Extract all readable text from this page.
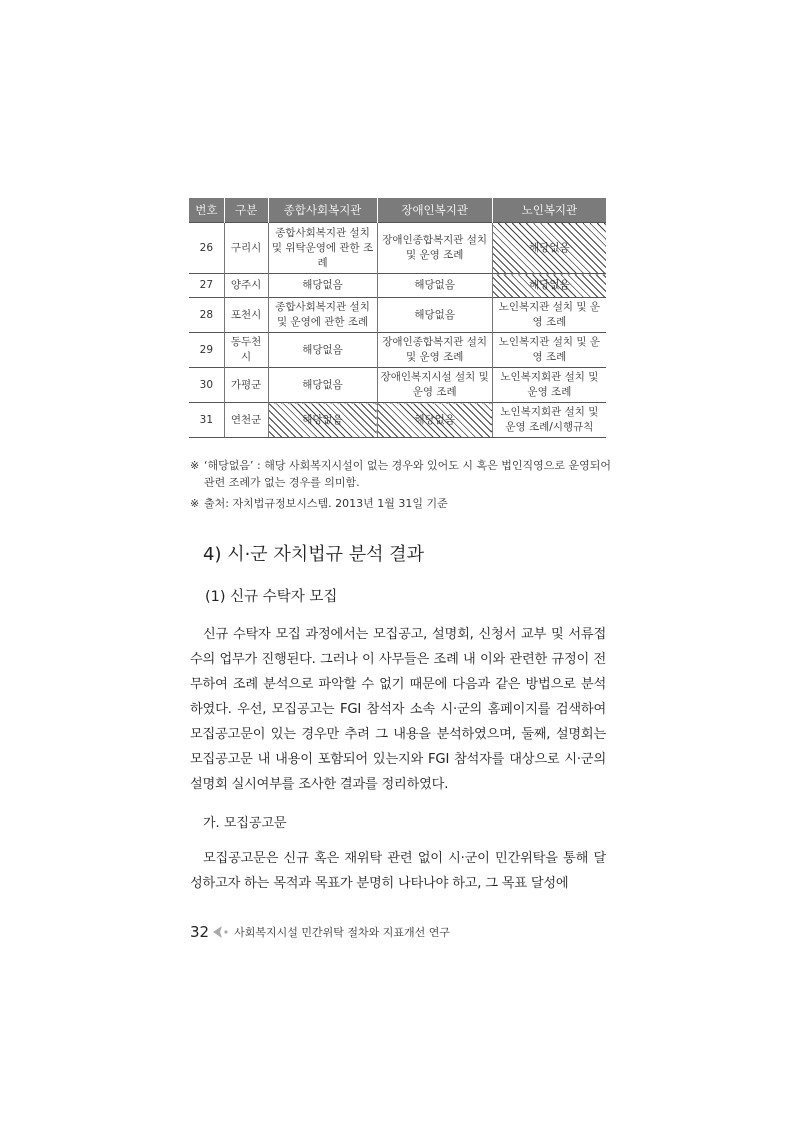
번호	구분	종합사회복지관	장애인복지관	노인복지관
26	구리시	종합사회복지관 설치 및 위탁운영에 관한 조례	장애인종합복지관 설치 및 운영 조례	해당없음
27	양주시	해당없음	해당없음	해당없음
28	포천시	종합사회복지관 설치 및 운영에 관한 조례	해당없음	노인복지관 설치 및 운영 조례
29	동두천시	해당없음	장애인종합복지관 설치 및 운영 조례	노인복지관 설치 및 운영 조례
30	가평군	해당없음	장애인복지시설 설치 및 운영 조례	노인복지회관 설치 및 운영 조례
31	연천군	해당없음	해당없음	노인복지회관 설치 및 운영 조례/시행규칙
※ ‘해당없음’ : 해당 사회복지시설이 없는 경우와 있어도 시 혹은 법인직영으로 운영되어
관련 조례가 없는 경우를 의미함.
※ 출처: 자치법규정보시스템. 2013년 1월 31일 기준
4) 시·군 자치법규 분석 결과
(1) 신규 수탁자 모집

신규 수탁자 모집 과정에서는 모집공고, 설명회, 신청서 교부 및 서류접수의 업무가 진행된다. 그러나 이 사무들은 조례 내 이와 관련한 규정이 전무하여 조례 분석으로 파악할 수 없기 때문에 다음과 같은 방법으로 분석하였다. 우선, 모집공고는 FGI 참석자 소속 시·군의 홈페이지를 검색하여 모집공고문이 있는 경우만 추려 그 내용을 분석하였으며, 둘째, 설명회는 모집공고문 내 내용이 포함되어 있는지와 FGI 참석자를 대상으로 시·군의 설명회 실시여부를 조사한 결과를 정리하였다.

가. 모집공고문

모집공고문은 신규 혹은 재위탁 관련 없이 시·군이 민간위탁을 통해 달성하고자 하는 목적과 목표가 분명히 나타나야 하고, 그 목표 달성에

32 사회복지시설 민간위탁 절차와 지표개선 연구
